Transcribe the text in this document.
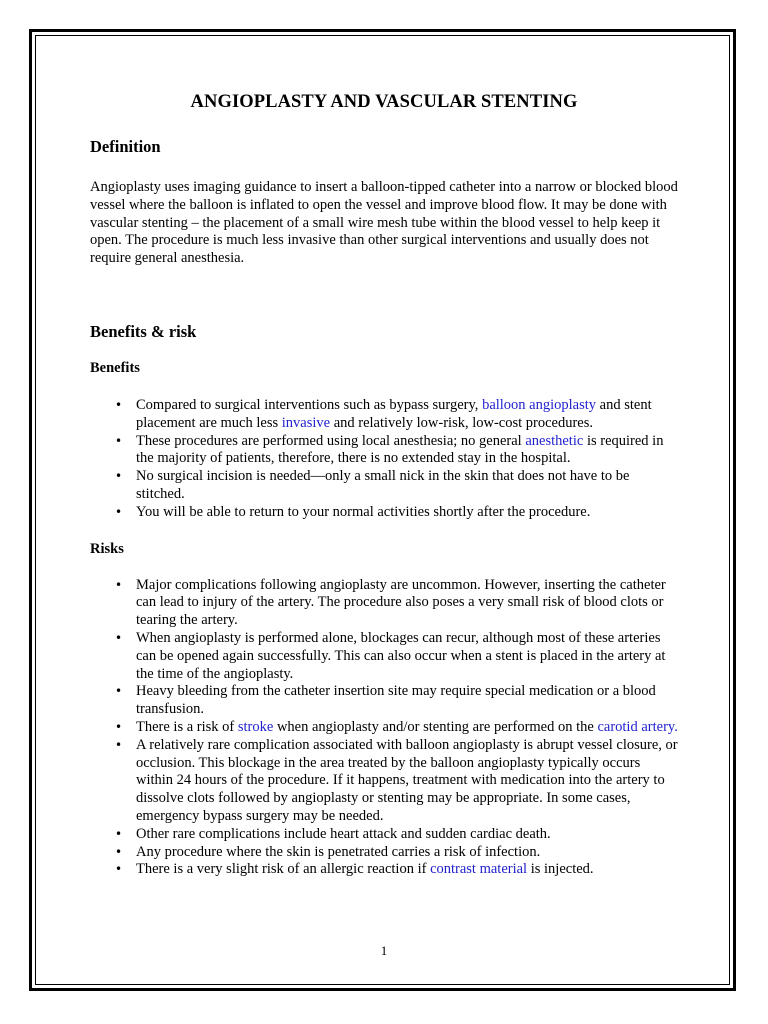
ANGIOPLASTY AND VASCULAR STENTING
Definition

Angioplasty uses imaging guidance to insert a balloon-tipped catheter into a narrow or blocked blood vessel where the balloon is inflated to open the vessel and improve blood flow. It may be done with vascular stenting – the placement of a small wire mesh tube within the blood vessel to help keep it open. The procedure is much less invasive than other surgical interventions and usually does not require general anesthesia.

Benefits & risk
Benefits
• Compared to surgical interventions such as bypass surgery, balloon angioplasty and stent placement are much less invasive and relatively low-risk, low-cost procedures.
• These procedures are performed using local anesthesia; no general anesthetic is required in the majority of patients, therefore, there is no extended stay in the hospital.
• No surgical incision is needed—only a small nick in the skin that does not have to be stitched.
• You will be able to return to your normal activities shortly after the procedure.
Risks
• Major complications following angioplasty are uncommon. However, inserting the catheter can lead to injury of the artery. The procedure also poses a very small risk of blood clots or tearing the artery.
• When angioplasty is performed alone, blockages can recur, although most of these arteries can be opened again successfully. This can also occur when a stent is placed in the artery at the time of the angioplasty.
• Heavy bleeding from the catheter insertion site may require special medication or a blood transfusion.
• There is a risk of stroke when angioplasty and/or stenting are performed on the carotid artery.
• A relatively rare complication associated with balloon angioplasty is abrupt vessel closure, or occlusion. This blockage in the area treated by the balloon angioplasty typically occurs within 24 hours of the procedure. If it happens, treatment with medication into the artery to dissolve clots followed by angioplasty or stenting may be appropriate. In some cases, emergency bypass surgery may be needed.
• Other rare complications include heart attack and sudden cardiac death.
• Any procedure where the skin is penetrated carries a risk of infection.
• There is a very slight risk of an allergic reaction if contrast material is injected.
1
